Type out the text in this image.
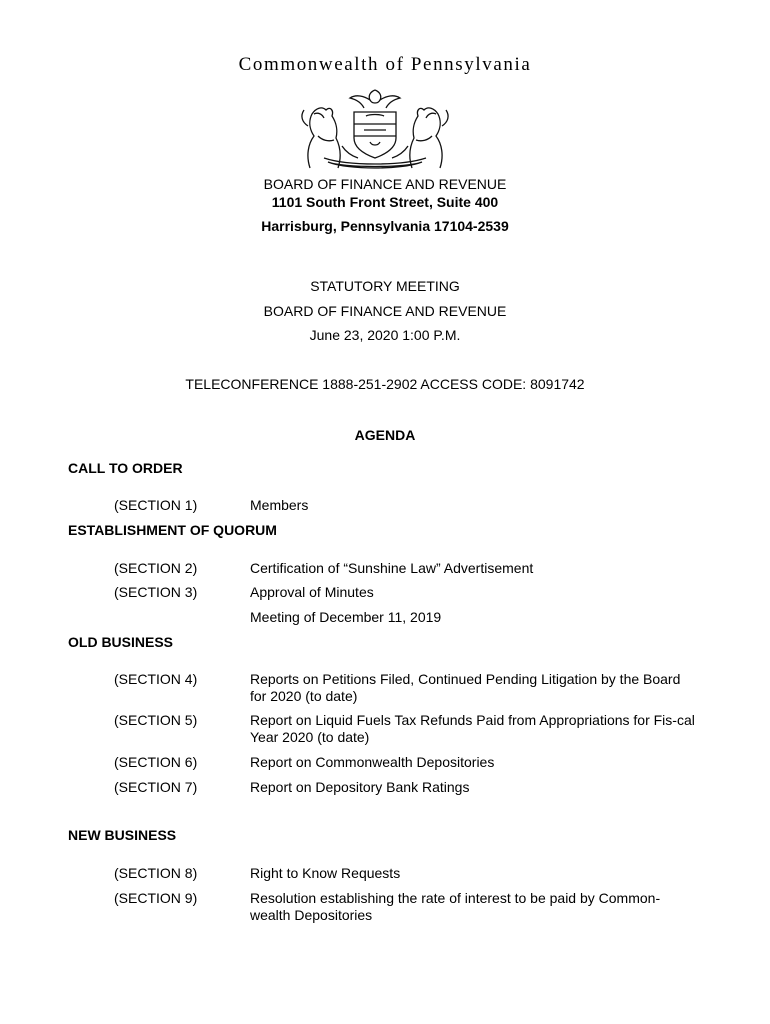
Commonwealth of Pennsylvania
BOARD OF FINANCE AND REVENUE
1101 South Front Street, Suite 400
Harrisburg, Pennsylvania 17104-2539
STATUTORY MEETING
BOARD OF FINANCE AND REVENUE
June 23, 2020 1:00 P.M.
TELECONFERENCE 1888-251-2902 ACCESS CODE: 8091742
AGENDA
CALL TO ORDER
(SECTION 1)	Members
ESTABLISHMENT OF QUORUM
(SECTION 2)	Certification of “Sunshine Law” Advertisement
(SECTION 3)	Approval of Minutes
Meeting of December 11, 2019
OLD BUSINESS
(SECTION 4)	Reports on Petitions Filed, Continued Pending Litigation by the Board for 2020 (to date)
(SECTION 5)	Report on Liquid Fuels Tax Refunds Paid from Appropriations for Fis-cal Year 2020 (to date)
(SECTION 6)	Report on Commonwealth Depositories
(SECTION 7)	Report on Depository Bank Ratings
NEW BUSINESS
(SECTION 8)	Right to Know Requests
(SECTION 9)	Resolution establishing the rate of interest to be paid by Common-wealth Depositories
